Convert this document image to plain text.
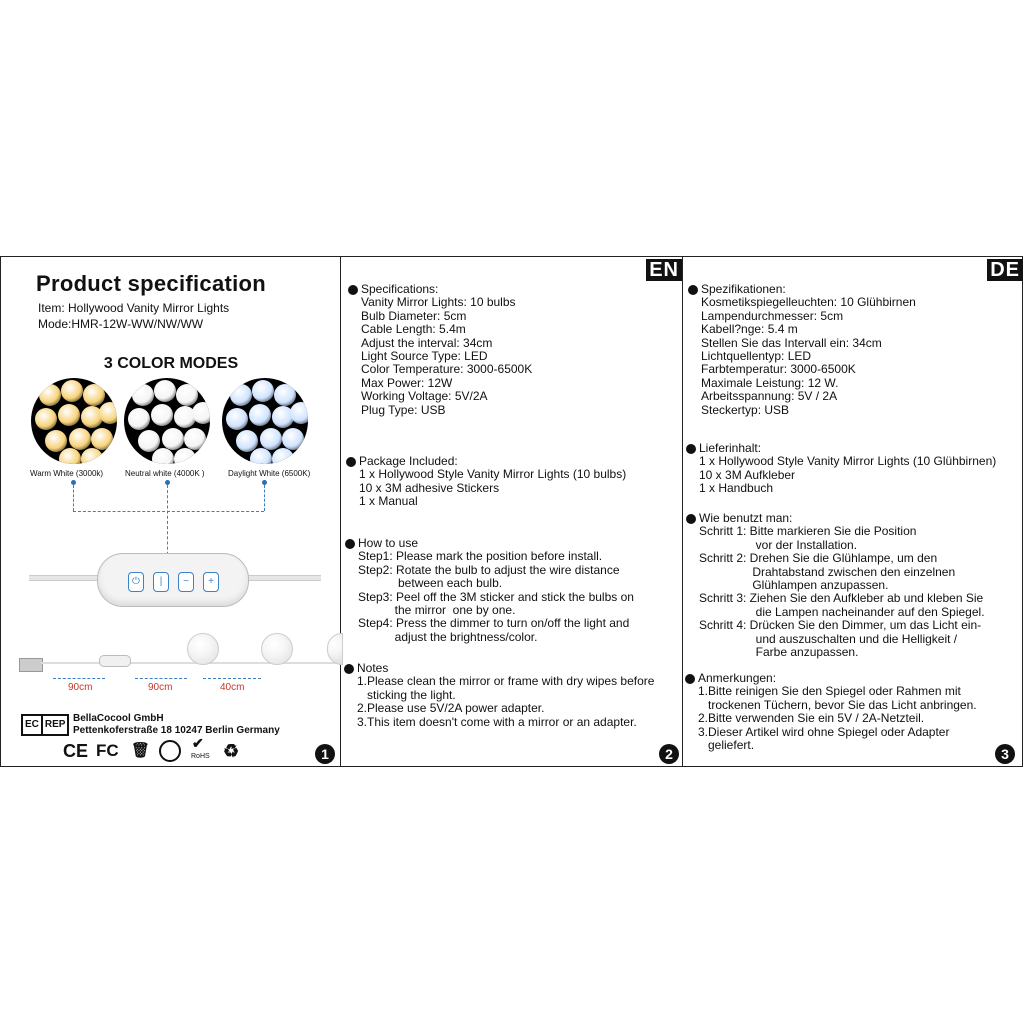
Product specification
Item: Hollywood Vanity Mirror Lights
Mode:HMR-12W-WW/NW/WW
3 COLOR MODES
Warm White (3000k)	Neutral white (4000K )	Daylight White (6500K)
⏻	|	−	+
90cm	90cm	40cm
EC REP
BellaCocool GmbH
Pettenkoferstraße 18 10247 Berlin Germany
CE FC 🗑	✔
RoHS ♻	1
EN
Specifications:
Vanity Mirror Lights: 10 bulbs
Bulb Diameter: 5cm
Cable Length: 5.4m
Adjust the interval: 34cm
Light Source Type: LED
Color Temperature: 3000-6500K
Max Power: 12W
Working Voltage: 5V/2A
Plug Type: USB
Package Included:
1 x Hollywood Style Vanity Mirror Lights (10 bulbs)
10 x 3M adhesive Stickers
1 x Manual
How to use
Step1: Please mark the position before install.
Step2: Rotate the bulb to adjust the wire distance
between each bulb.
Step3: Peel off the 3M sticker and stick the bulbs on
the mirror  one by one.
Step4: Press the dimmer to turn on/off the light and
adjust the brightness/color.
Notes
1.Please clean the mirror or frame with dry wipes before
sticking the light.
2.Please use 5V/2A power adapter.
3.This item doesn't come with a mirror or an adapter.
2
DE
Spezifikationen:
Kosmetikspiegelleuchten: 10 Glühbirnen
Lampendurchmesser: 5cm
Kabell?nge: 5.4 m
Stellen Sie das Intervall ein: 34cm
Lichtquellentyp: LED
Farbtemperatur: 3000-6500K
Maximale Leistung: 12 W.
Arbeitsspannung: 5V / 2A
Steckertyp: USB
Lieferinhalt:
1 x Hollywood Style Vanity Mirror Lights (10 Glühbirnen)
10 x 3M Aufkleber
1 x Handbuch
Wie benutzt man:
Schritt 1: Bitte markieren Sie die Position
vor der Installation.
Schritt 2: Drehen Sie die Glühlampe, um den
Drahtabstand zwischen den einzelnen
Glühlampen anzupassen.
Schritt 3: Ziehen Sie den Aufkleber ab und kleben Sie
die Lampen nacheinander auf den Spiegel.
Schritt 4: Drücken Sie den Dimmer, um das Licht ein-
und auszuschalten und die Helligkeit /
Farbe anzupassen.
Anmerkungen:
1.Bitte reinigen Sie den Spiegel oder Rahmen mit
trockenen Tüchern, bevor Sie das Licht anbringen.
2.Bitte verwenden Sie ein 5V / 2A-Netzteil.
3.Dieser Artikel wird ohne Spiegel oder Adapter
geliefert.
3
